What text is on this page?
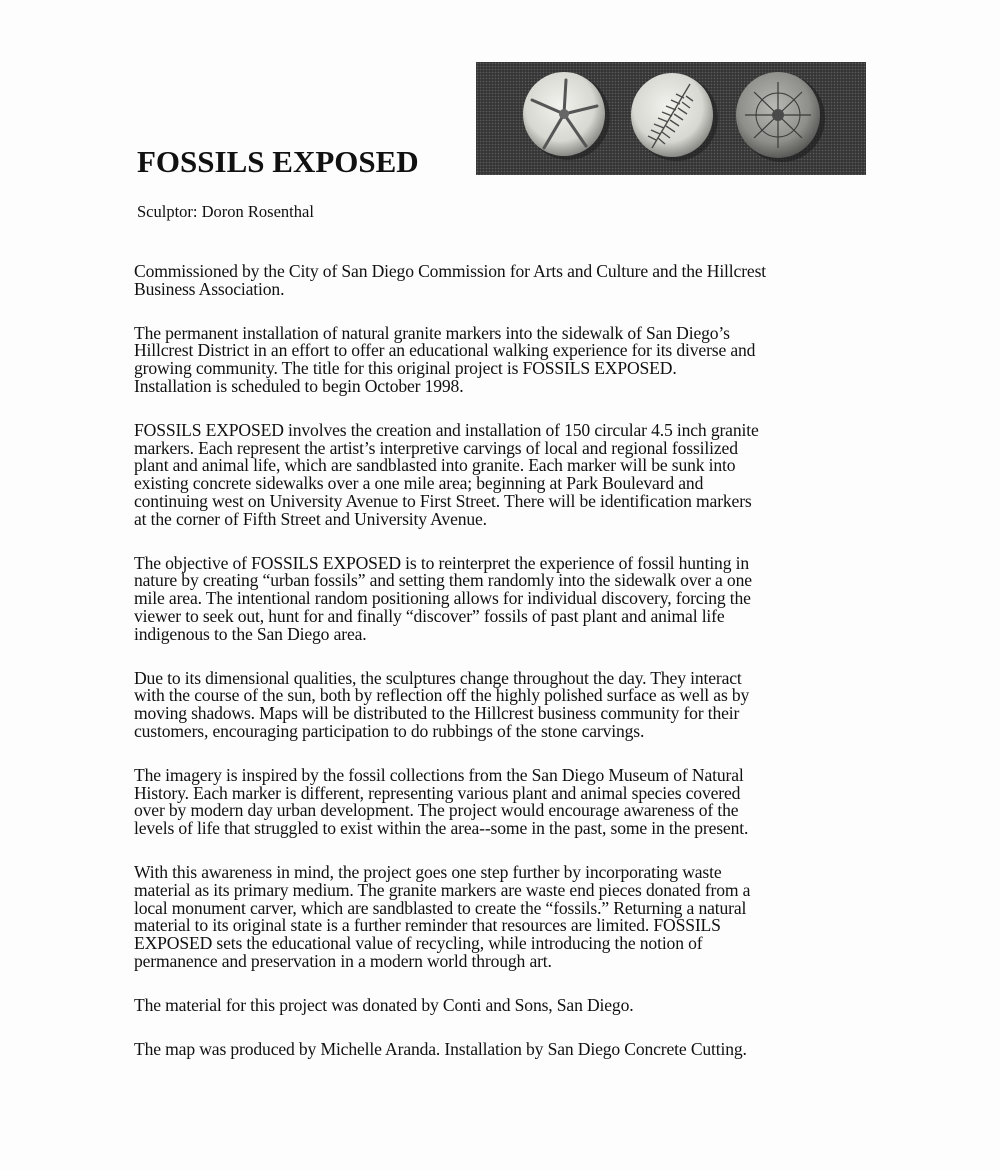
FOSSILS EXPOSED
Sculptor: Doron Rosenthal

Commissioned by the City of San Diego Commission for Arts and Culture and the Hillcrest
Business Association.

The permanent installation of natural granite markers into the sidewalk of San Diego’s
Hillcrest District in an effort to offer an educational walking experience for its diverse and
growing community. The title for this original project is FOSSILS EXPOSED.
Installation is scheduled to begin October 1998.

FOSSILS EXPOSED involves the creation and installation of 150 circular 4.5 inch granite
markers. Each represent the artist’s interpretive carvings of local and regional fossilized
plant and animal life, which are sandblasted into granite. Each marker will be sunk into
existing concrete sidewalks over a one mile area; beginning at Park Boulevard and
continuing west on University Avenue to First Street. There will be identification markers
at the corner of Fifth Street and University Avenue.

The objective of FOSSILS EXPOSED is to reinterpret the experience of fossil hunting in
nature by creating “urban fossils” and setting them randomly into the sidewalk over a one
mile area. The intentional random positioning allows for individual discovery, forcing the
viewer to seek out, hunt for and finally “discover” fossils of past plant and animal life
indigenous to the San Diego area.

Due to its dimensional qualities, the sculptures change throughout the day. They interact
with the course of the sun, both by reflection off the highly polished surface as well as by
moving shadows. Maps will be distributed to the Hillcrest business community for their
customers, encouraging participation to do rubbings of the stone carvings.

The imagery is inspired by the fossil collections from the San Diego Museum of Natural
History. Each marker is different, representing various plant and animal species covered
over by modern day urban development. The project would encourage awareness of the
levels of life that struggled to exist within the area--some in the past, some in the present.

With this awareness in mind, the project goes one step further by incorporating waste
material as its primary medium. The granite markers are waste end pieces donated from a
local monument carver, which are sandblasted to create the “fossils.” Returning a natural
material to its original state is a further reminder that resources are limited. FOSSILS
EXPOSED sets the educational value of recycling, while introducing the notion of
permanence and preservation in a modern world through art.

The material for this project was donated by Conti and Sons, San Diego.

The map was produced by Michelle Aranda. Installation by San Diego Concrete Cutting.
